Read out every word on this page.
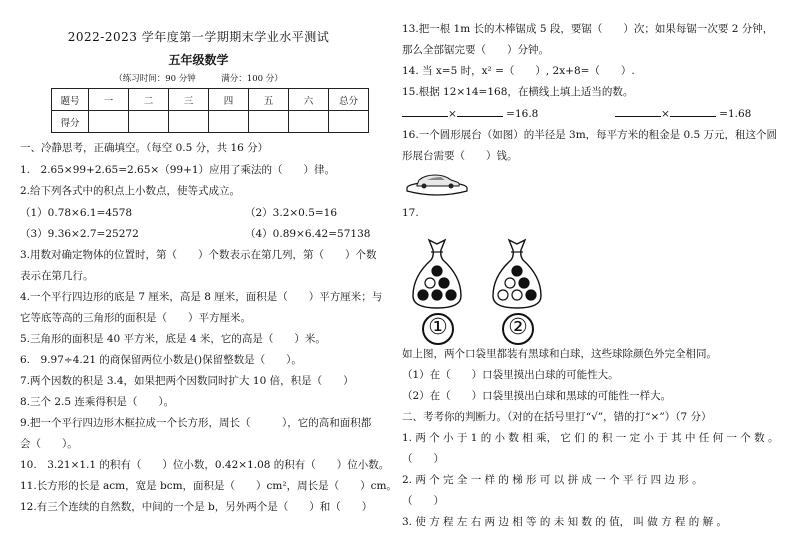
2022-2023 学年度第一学期期末学业水平测试
五年级数学
（练习时间：90 分钟　　　满分：100 分）
题号	一	二	三	四	五	六	总分
得分							
一、冷静思考，正确填空。（每空 0.5 分，共 16 分）
1.　2.65×99+2.65=2.65×（99+1）应用了乘法的（　　）律。
2.给下列各式中的积点上小数点，使等式成立。
（1）0.78×6.1=4578	（2）3.2×0.5=16
（3）9.36×2.7=25272	（4）0.89×6.42=57138
3.用数对确定物体的位置时，第（　　）个数表示在第几列，第（　　）个数
表示在第几行。
4.一个平行四边形的底是 7 厘米，高是 8 厘米，面积是（　　）平方厘米；与
它等底等高的三角形的面积是（　　）平方厘米。
5.三角形的面积是 40 平方米，底是 4 米，它的高是（　　）米。
6.　9.97÷4.21 的商保留两位小数是()保留整数是（　　）。
7.两个因数的积是 3.4，如果把两个因数同时扩大 10 倍，积是（　　）
8.三个 2.5 连乘得积是（　　）。
9.把一个平行四边形木框拉成一个长方形，周长（　　　），它的高和面积都
会（　　）。
10.　3.21×1.1 的积有（　　）位小数，0.42×1.08 的积有（　　）位小数。
11.长方形的长是 acm，宽是 bcm，面积是（　　）cm²，周长是（　　）cm。
12.有三个连续的自然数，中间的一个是 b，另外两个是（　　）和（　　）
13.把一根 1m 长的木棒锯成 5 段，要锯（　　）次；如果每锯一次要 2 分钟，
那么全部锯完要（　　）分钟。
14. 当 x=5 时，x² =（　　）, 2x+8=（　　）.
15.根据 12×14=168，在横线上填上适当的数。
×	=16.8	×	=1.68
16.一个圆形展台（如图）的半径是 3m，每平方米的租金是 0.5 万元，租这个圆
形展台需要（　　）钱。
17.
①	②
如上图，两个口袋里都装有黑球和白球，这些球除颜色外完全相同。
（1）在（　　）口袋里摸出白球的可能性大。
（2）在（　　）口袋里摸出白球和黑球的可能性一样大。
二、考考你的判断力。（对的在括号里打“√”，错的打“×”）（7 分）
1. 两 个 小 于 1 的 小 数 相 乘， 它 们 的 积 一 定 小 于 其 中 任 何 一 个 数 。
（　　）
2. 两 个 完 全 一 样 的 梯 形 可 以 拼 成 一 个 平 行 四 边 形 。
（　　）
3. 使 方 程 左 右 两 边 相 等 的 未 知 数 的 值， 叫 做 方 程 的 解 。
